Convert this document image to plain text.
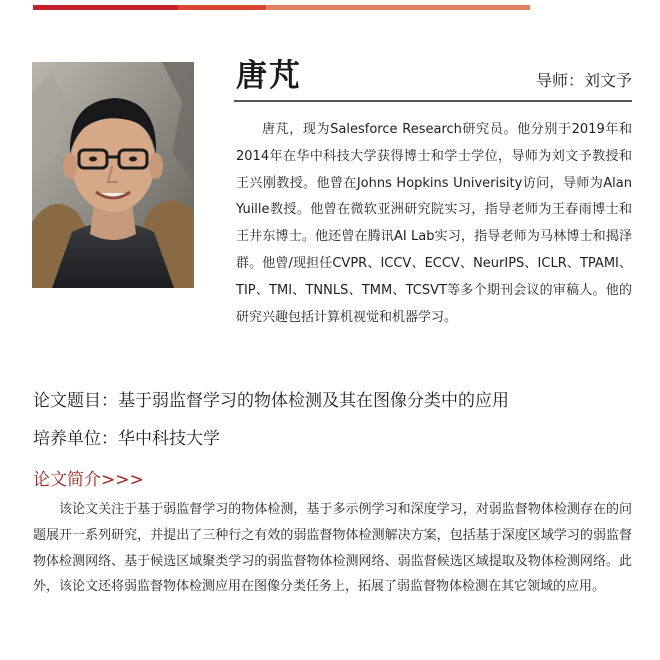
唐芃	导师：刘文予

唐芃，现为Salesforce Research研究员。他分别于2019年和2014年在华中科技大学获得博士和学士学位，导师为刘文予教授和王兴刚教授。他曾在Johns Hopkins Univerisity访问，导师为Alan Yuille教授。他曾在微软亚洲研究院实习，指导老师为王春雨博士和王井东博士。他还曾在腾讯AI Lab实习，指导老师为马林博士和揭泽群。他曾/现担任CVPR、ICCV、ECCV、NeurIPS、ICLR、TPAMI、TIP、TMI、TNNLS、TMM、TCSVT等多个期刊会议的审稿人。他的研究兴趣包括计算机视觉和机器学习。

论文题目：基于弱监督学习的物体检测及其在图像分类中的应用
培养单位：华中科技大学
论文简介>>>

该论文关注于基于弱监督学习的物体检测，基于多示例学习和深度学习，对弱监督物体检测存在的问题展开一系列研究，并提出了三种行之有效的弱监督物体检测解决方案，包括基于深度区域学习的弱监督物体检测网络、基于候选区域聚类学习的弱监督物体检测网络、弱监督候选区域提取及物体检测网络。此外，该论文还将弱监督物体检测应用在图像分类任务上，拓展了弱监督物体检测在其它领域的应用。
